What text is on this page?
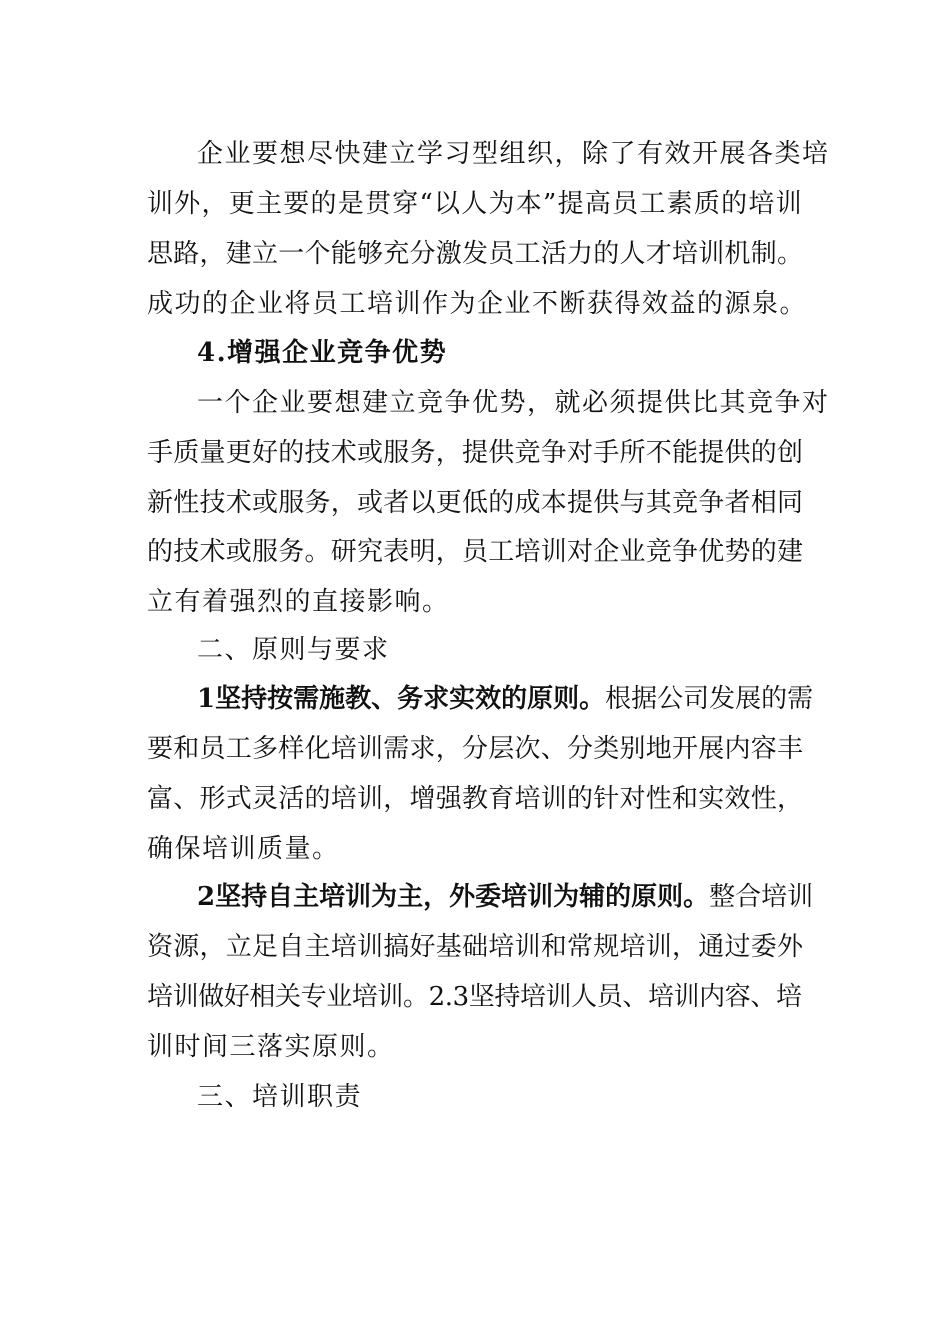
企业要想尽快建立学习型组织，除了有效开展各类培
训外，更主要的是贯穿“以人为本”提高员工素质的培训
思路，建立一个能够充分激发员工活力的人才培训机制。
成功的企业将员工培训作为企业不断获得效益的源泉。
4.增强企业竞争优势
一个企业要想建立竞争优势，就必须提供比其竞争对
手质量更好的技术或服务，提供竞争对手所不能提供的创
新性技术或服务，或者以更低的成本提供与其竞争者相同
的技术或服务。研究表明，员工培训对企业竞争优势的建
立有着强烈的直接影响。
二、原则与要求
1坚持按需施教、务求实效的原则。根据公司发展的需
要和员工多样化培训需求，分层次、分类别地开展内容丰
富、形式灵活的培训，增强教育培训的针对性和实效性，
确保培训质量。
2坚持自主培训为主，外委培训为辅的原则。整合培训
资源，立足自主培训搞好基础培训和常规培训，通过委外
培训做好相关专业培训。2.3坚持培训人员、培训内容、培
训时间三落实原则。
三、培训职责
